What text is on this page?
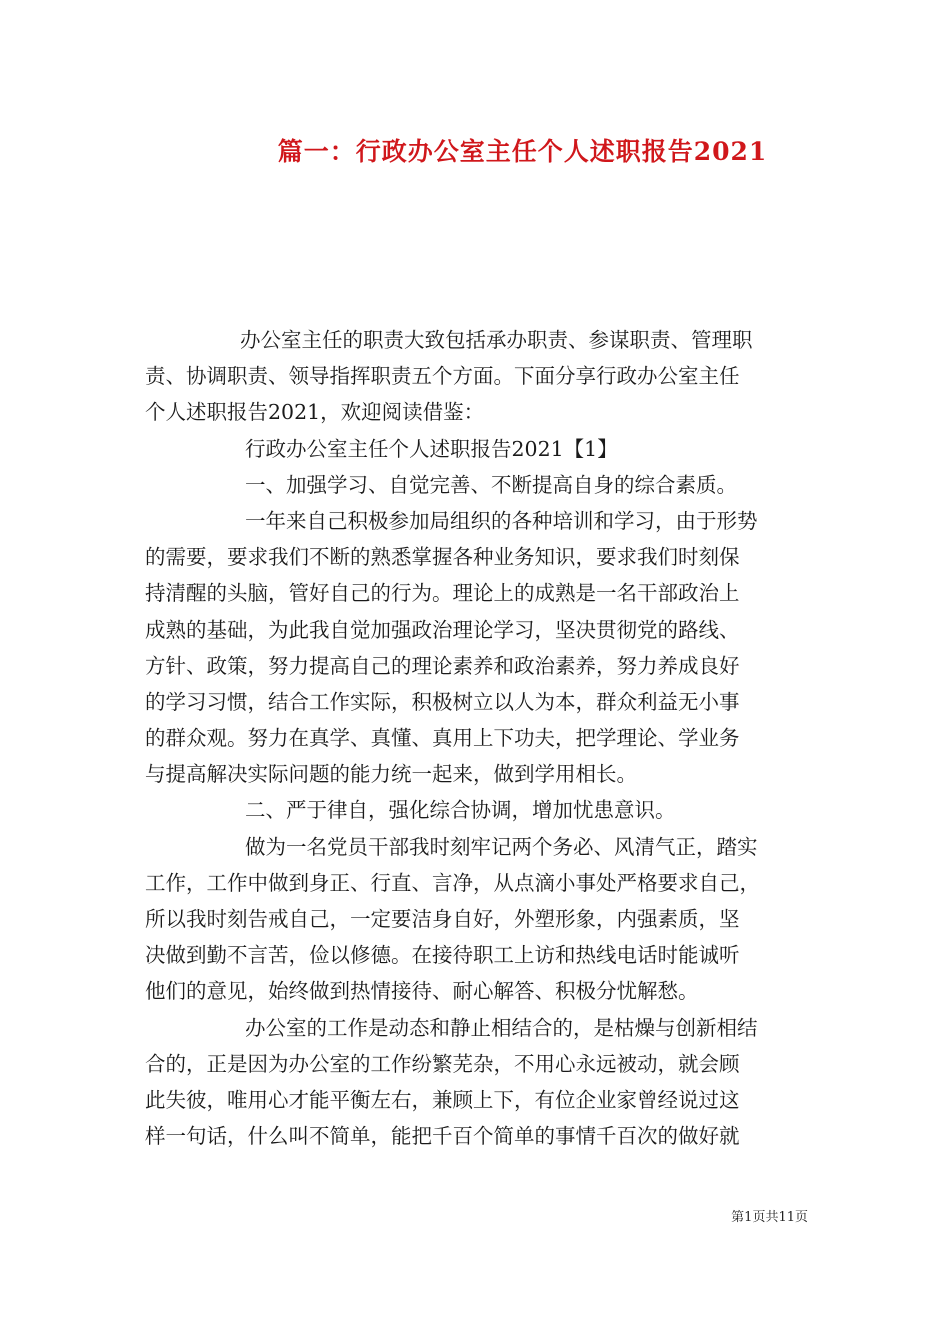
篇一：行政办公室主任个人述职报告2021
办公室主任的职责大致包括承办职责、参谋职责、管理职
责、协调职责、领导指挥职责五个方面。下面分享行政办公室主任
个人述职报告2021，欢迎阅读借鉴：
行政办公室主任个人述职报告2021【1】
一、加强学习、自觉完善、不断提高自身的综合素质。
一年来自己积极参加局组织的各种培训和学习，由于形势
的需要，要求我们不断的熟悉掌握各种业务知识，要求我们时刻保
持清醒的头脑，管好自己的行为。理论上的成熟是一名干部政治上
成熟的基础，为此我自觉加强政治理论学习，坚决贯彻党的路线、
方针、政策，努力提高自己的理论素养和政治素养，努力养成良好
的学习习惯，结合工作实际，积极树立以人为本，群众利益无小事
的群众观。努力在真学、真懂、真用上下功夫，把学理论、学业务
与提高解决实际问题的能力统一起来，做到学用相长。
二、严于律自，强化综合协调，增加忧患意识。
做为一名党员干部我时刻牢记两个务必、风清气正，踏实
工作，工作中做到身正、行直、言净，从点滴小事处严格要求自己，
所以我时刻告戒自己，一定要洁身自好，外塑形象，内强素质，坚
决做到勤不言苦，俭以修德。在接待职工上访和热线电话时能诚听
他们的意见，始终做到热情接待、耐心解答、积极分忧解愁。
办公室的工作是动态和静止相结合的，是枯燥与创新相结
合的，正是因为办公室的工作纷繁芜杂，不用心永远被动，就会顾
此失彼，唯用心才能平衡左右，兼顾上下，有位企业家曾经说过这
样一句话，什么叫不简单，能把千百个简单的事情千百次的做好就
第1页共11页
